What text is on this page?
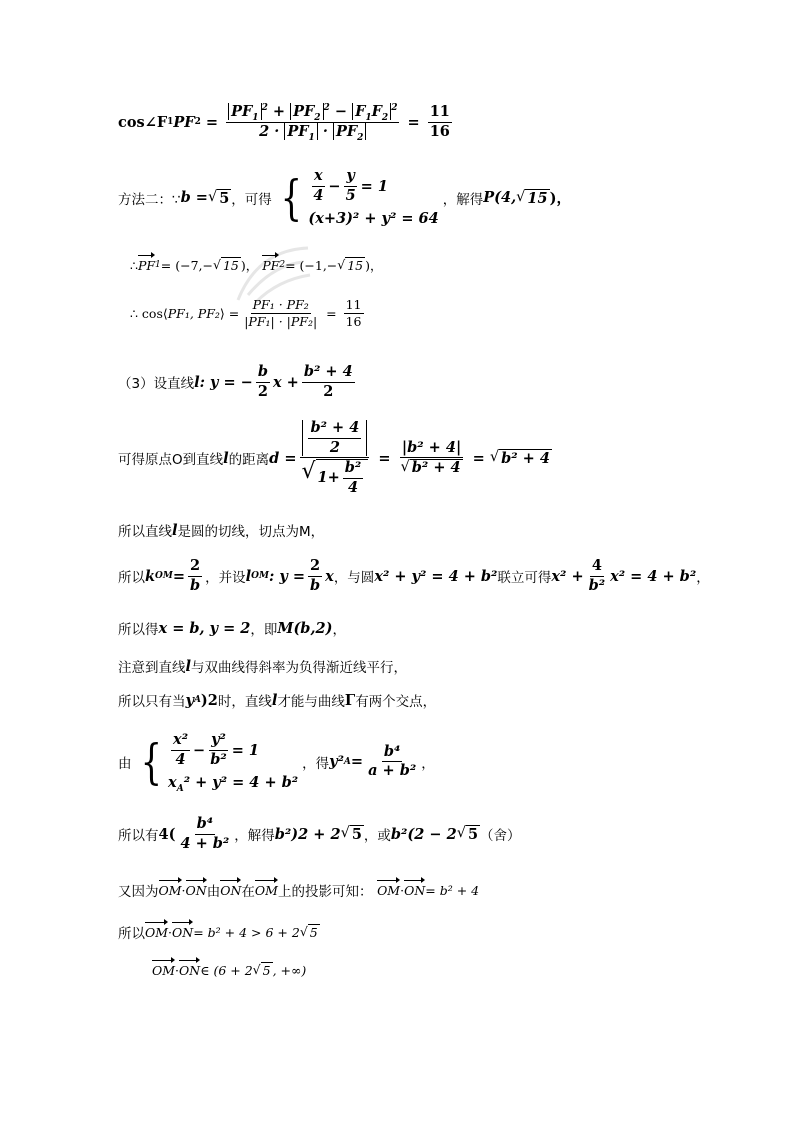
cos∠F 1 PF $2 = \frac{PF_1^2 + PF_2^2 - F_1F_2^2}{2 \cdot PF_1 \cdot PF_2} = \frac{11}{16}$
方法二：∵ b = √ 5 ，可得 { $\frac{x}{4} - \frac{y}{5} = 1$
(x+3)² + y² = 64
，解得 P(4, √ 15 )，
∴ PF 1 = (−7,− √ 15 )，
PF 2 = (−1,− √ 15 )，
∴ cos⟨ PF₁, PF₂ ⟩ = $\frac{\text{PF₁ · PF₂}}{\text{|PF₁| · |PF₂|}} = \frac{11}{16}$
（3）设直线 l : y = − $\frac{b}{2}$ $x + \frac{\text{b² + 4}}{2}$
可得原点O到直线 l 的距离 $d = \frac{\frac{\text{b² + 4}}{2}}{√ 1+ \frac{\text{b²}}{4}} = \frac{\text{|b² + 4|}}{\text{√ b² + 4}}$ = √ b² + 4
所以直线 l 是圆的切线，切点为M，
所以 k OM = $\frac{2}{b}$ ，并设 l OM : $y = \frac{2}{b}$ x ，与圆 x² + y² = 4 + b² 联立可得 $x^2 + \frac{4}{\text{b²}} x^2 = 4 + b^2$ ，
所以得 x = b, y = 2 ，即 M(b,2) ，
注意到直线 l 与双曲线得斜率为负得渐近线平行，
所以只有当 y A )2 时，直线 l 才能与曲线 Γ 有两个交点，
由 { $\frac{\text{x²}}{4} - \frac{\text{y²}}{\text{b²}} = 1$
$x_A^2 + y^2 = 4 + b^2$
，得 y² $A = \frac{\text{b⁴}}{\text{a + b²}}$ ，
所以有 $4( \frac{\text{b⁴}}{\text{4 + b²}}$ ，解得 b²)2 + 2 √ 5 ，或 b²(2 − 2 √ 5 （舍）
又因为 OM · ON 由 ON 在 OM 上的投影可知：
OM · ON = b² + 4
所以 OM · ON = b² + 4 > 6 + 2 √ 5
OM · ON ∈ (6 + 2 √ 5 , +∞)
